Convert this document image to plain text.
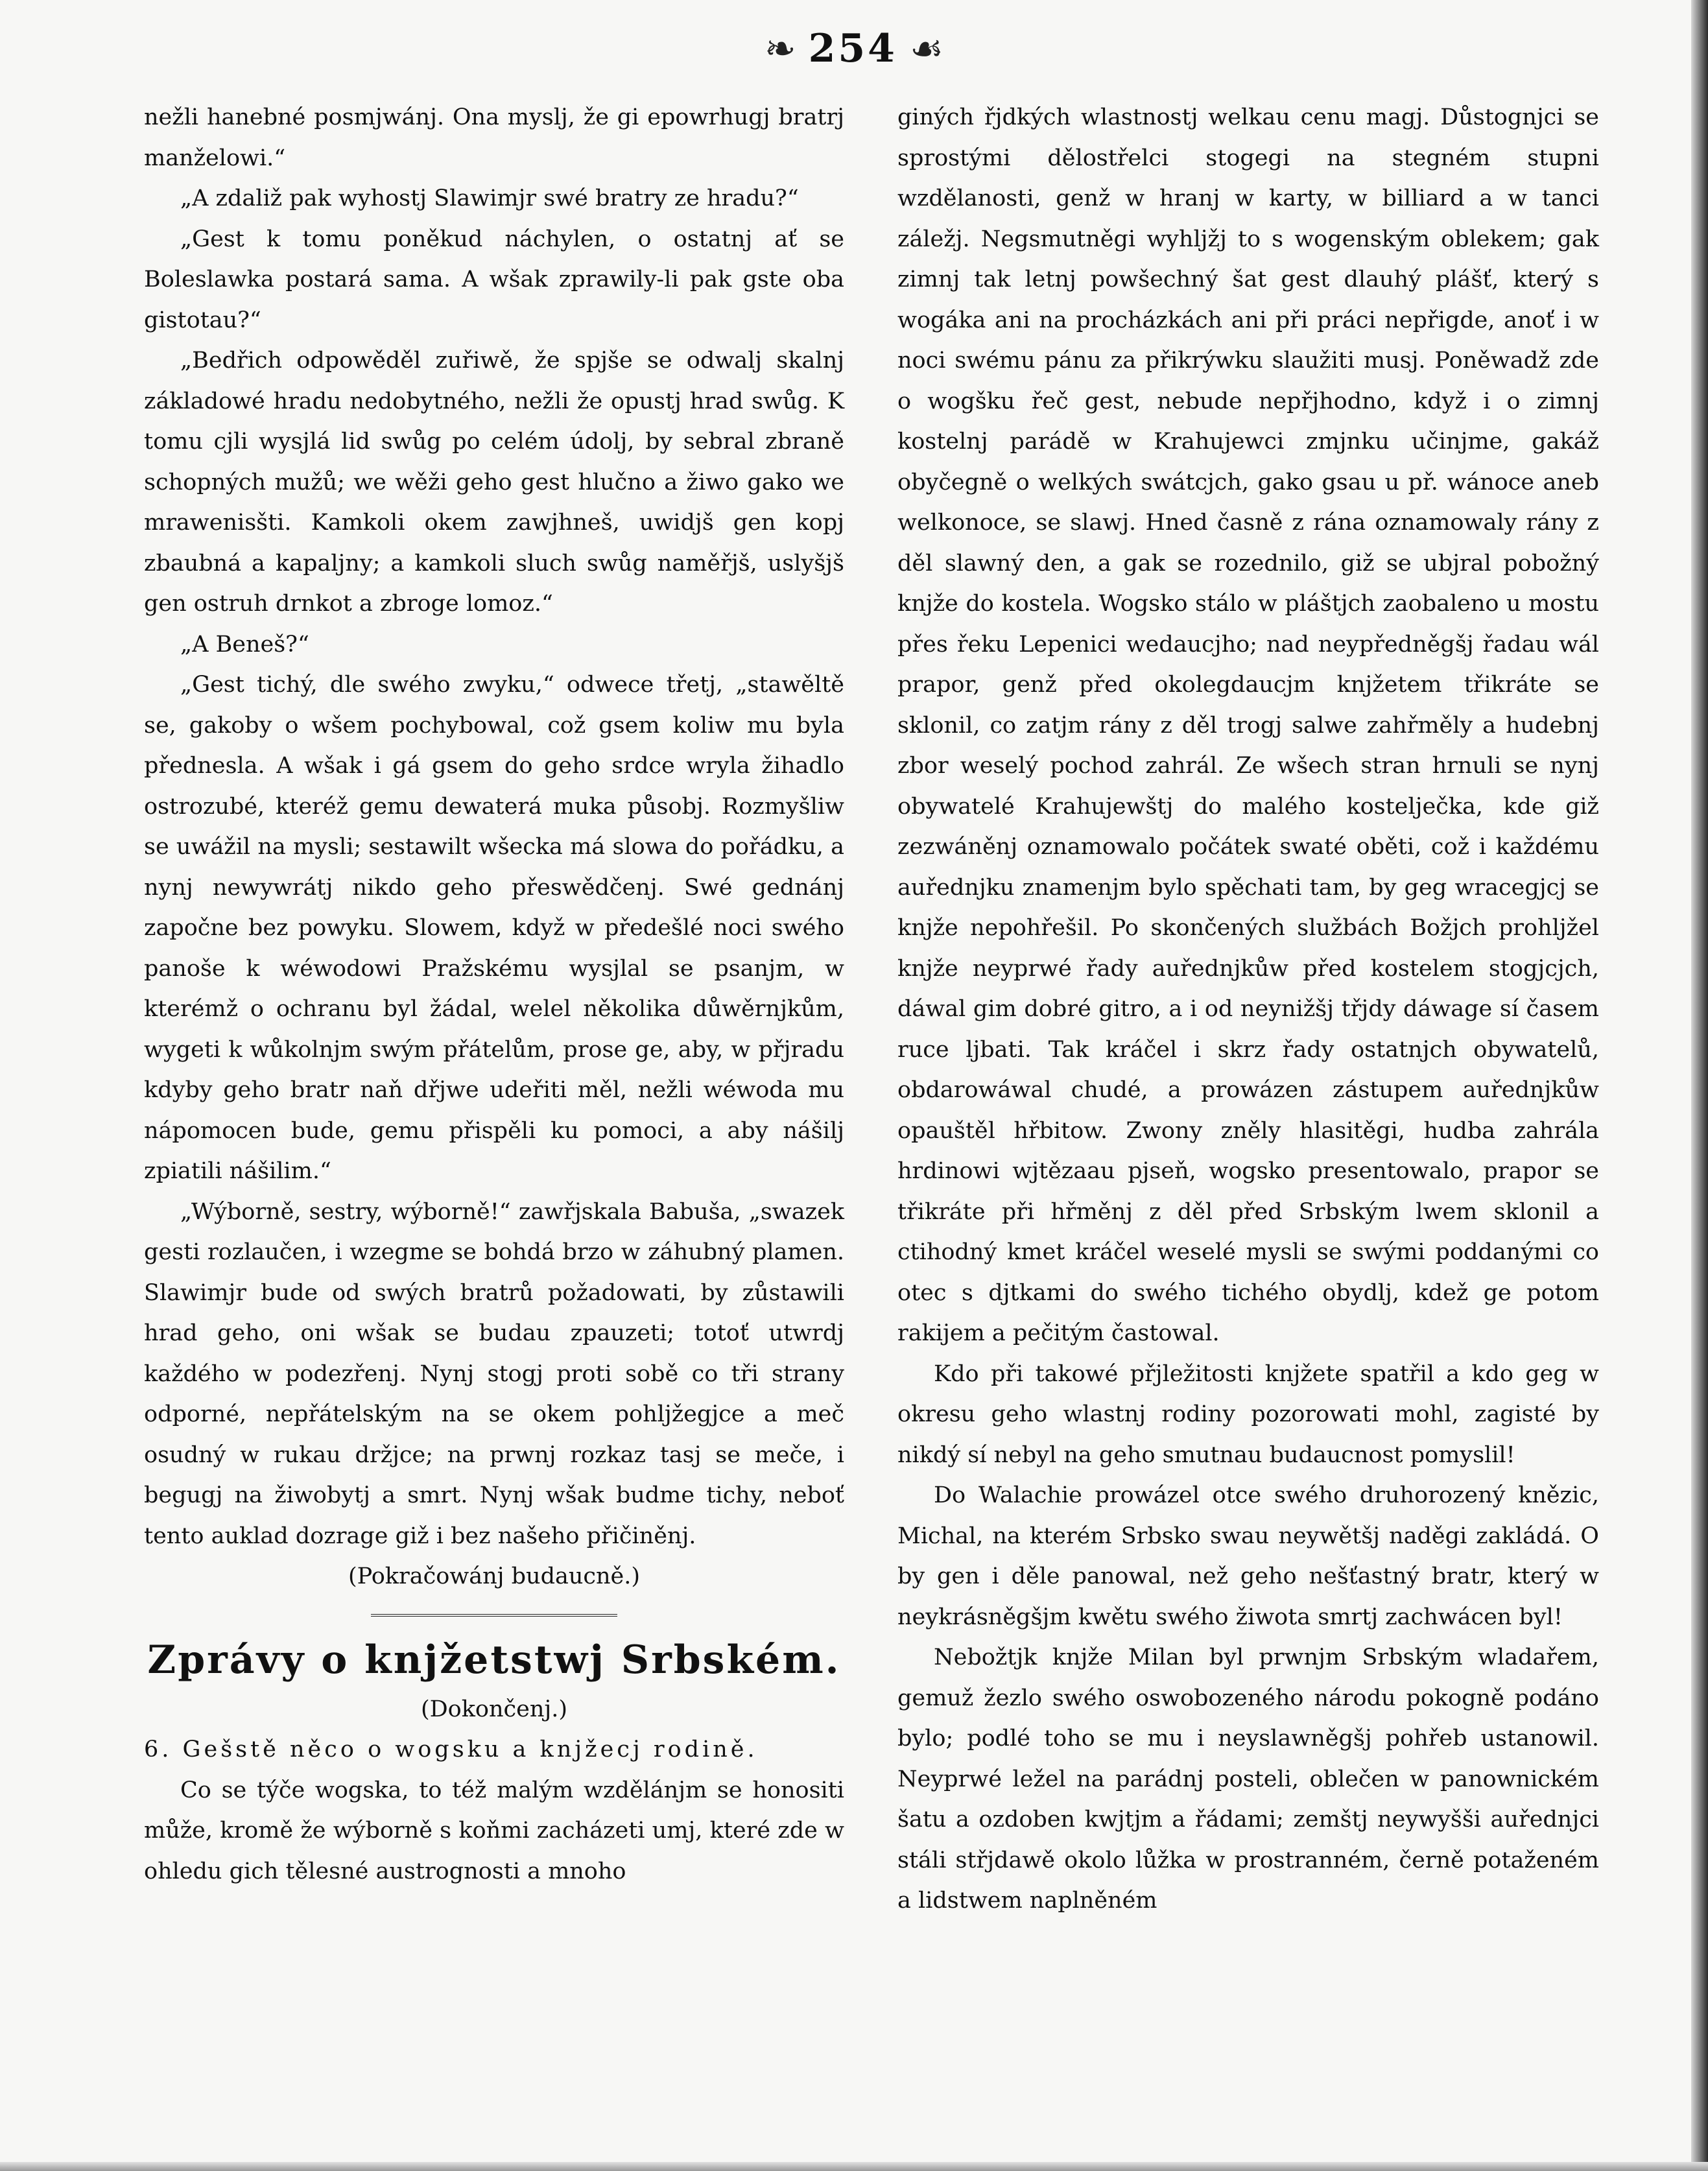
❧ 254 ☙

nežli hanebné posmjwánj. Ona myslj, že gi epowrhugj bratrj manželowi.“

„A zdaliž pak wyhostj Slawimjr swé bratry ze hradu?“

„Gest k tomu poněkud náchylen, o ostatnj ať se Boleslawka postará sama. A wšak zprawily-li pak gste oba gistotau?“

„Bedřich odpowěděl zuřiwě, že spjše se odwalj skalnj základowé hradu nedobytného, nežli že opustj hrad swůg. K tomu cjli wysjlá lid swůg po celém údolj, by sebral zbraně schopných mužů; we wěži geho gest hlučno a žiwo gako we mrawenisšti. Kamkoli okem zawjhneš, uwidjš gen kopj zbaubná a kapaljny; a kamkoli sluch swůg naměřjš, uslyšjš gen ostruh drnkot a zbroge lomoz.“

„A Beneš?“

„Gest tichý, dle swého zwyku,“ odwece třetj, „stawěltě se, gakoby o wšem pochybowal, což gsem koliw mu byla přednesla. A wšak i gá gsem do geho srdce wryla žihadlo ostrozubé, kteréž gemu dewaterá muka působj. Rozmyšliw se uwážil na mysli; sestawilt wšecka má slowa do pořádku, a nynj newywrátj nikdo geho přeswědčenj. Swé gednánj započne bez powyku. Slowem, když w předešlé noci swého panoše k wéwodowi Pražskému wysjlal se psanjm, w kterémž o ochranu byl žádal, welel několika důwěrnjkům, wygeti k wůkolnjm swým přátelům, prose ge, aby, w přjradu kdyby geho bratr naň dřjwe udeřiti měl, nežli wéwoda mu nápomocen bude, gemu přispěli ku pomoci, a aby nášilj zpiatili nášilim.“

„Wýborně, sestry, wýborně!“ zawřjskala Babuša, „swazek gesti rozlaučen, i wzegme se bohdá brzo w záhubný plamen. Slawimjr bude od swých bratrů požadowati, by zůstawili hrad geho, oni wšak se budau zpauzeti; totoť utwrdj každého w podezřenj. Nynj stogj proti sobě co tři strany odporné, nepřátelským na se okem pohljžegjce a meč osudný w rukau držjce; na prwnj rozkaz tasj se meče, i begugj na žiwobytj a smrt. Nynj wšak budme tichy, neboť tento auklad dozrage giž i bez našeho přičiněnj.

(Pokračowánj budaucně.)

Zprávy o knjžetstwj Srbském.

(Dokončenj.)

6. Gešstě něco o wogsku a knjžecj rodině.

Co se týče wogska, to též malým wzdělánjm se honositi může, kromě že wýborně s koňmi zacházeti umj, které zde w ohledu gich tělesné austrognosti a mnoho

giných řjdkých wlastnostj welkau cenu magj. Důstognjci se sprostými dělostřelci stogegi na stegném stupni wzdělanosti, genž w hranj w karty, w billiard a w tanci záležj. Negsmutněgi wyhljžj to s wogenským oblekem; gak zimnj tak letnj powšechný šat gest dlauhý plášť, který s wogáka ani na procházkách ani při práci nepřigde, anoť i w noci swému pánu za přikrýwku slaužiti musj. Poněwadž zde o wogšku řeč gest, nebude nepřjhodno, když i o zimnj kostelnj parádě w Krahujewci zmjnku učinjme, gakáž obyčegně o welkých swátcjch, gako gsau u př. wánoce aneb welkonoce, se slawj. Hned časně z rána oznamowaly rány z děl slawný den, a gak se rozednilo, giž se ubjral pobožný knjže do kostela. Wogsko stálo w pláštjch zaobaleno u mostu přes řeku Lepenici wedaucjho; nad neypředněgšj řadau wál prapor, genž před okolegdaucjm knjžetem třikráte se sklonil, co zatjm rány z děl trogj salwe zahřměly a hudebnj zbor weselý pochod zahrál. Ze wšech stran hrnuli se nynj obywatelé Krahujewštj do malého kostelječka, kde giž zezwáněnj oznamowalo počátek swaté oběti, což i každému auřednjku znamenjm bylo spěchati tam, by geg wracegjcj se knjže nepohřešil. Po skončených službách Božjch prohljžel knjže neyprwé řady auřednjkůw před kostelem stogjcjch, dáwal gim dobré gitro, a i od neynižšj třjdy dáwage sí časem ruce ljbati. Tak kráčel i skrz řady ostatnjch obywatelů, obdarowáwal chudé, a prowázen zástupem auřednjkůw opauštěl hřbitow. Zwony zněly hlasitěgi, hudba zahrála hrdinowi wjtězaau pjseň, wogsko presentowalo, prapor se třikráte při hřměnj z děl před Srbským lwem sklonil a ctihodný kmet kráčel weselé mysli se swými poddanými co otec s djtkami do swého tichého obydlj, kdež ge potom rakijem a pečitým častowal.

Kdo při takowé přjležitosti knjžete spatřil a kdo geg w okresu geho wlastnj rodiny pozorowati mohl, zagisté by nikdý sí nebyl na geho smutnau budaucnost pomyslil!

Do Walachie prowázel otce swého druhorozený knězic, Michal, na kterém Srbsko swau neywětšj naděgi zakládá. O by gen i děle panowal, než geho nešťastný bratr, který w neykrásněgšjm kwětu swého žiwota smrtj zachwácen byl!

Nebožtjk knjže Milan byl prwnjm Srbským wladařem, gemuž žezlo swého oswobozeného národu pokogně podáno bylo; podlé toho se mu i neyslawněgšj pohřeb ustanowil. Neyprwé ležel na parádnj posteli, oblečen w panownickém šatu a ozdoben kwjtjm a řádami; zemštj neywyšši auřednjci stáli střjdawě okolo lůžka w prostranném, černě potaženém a lidstwem naplněném
